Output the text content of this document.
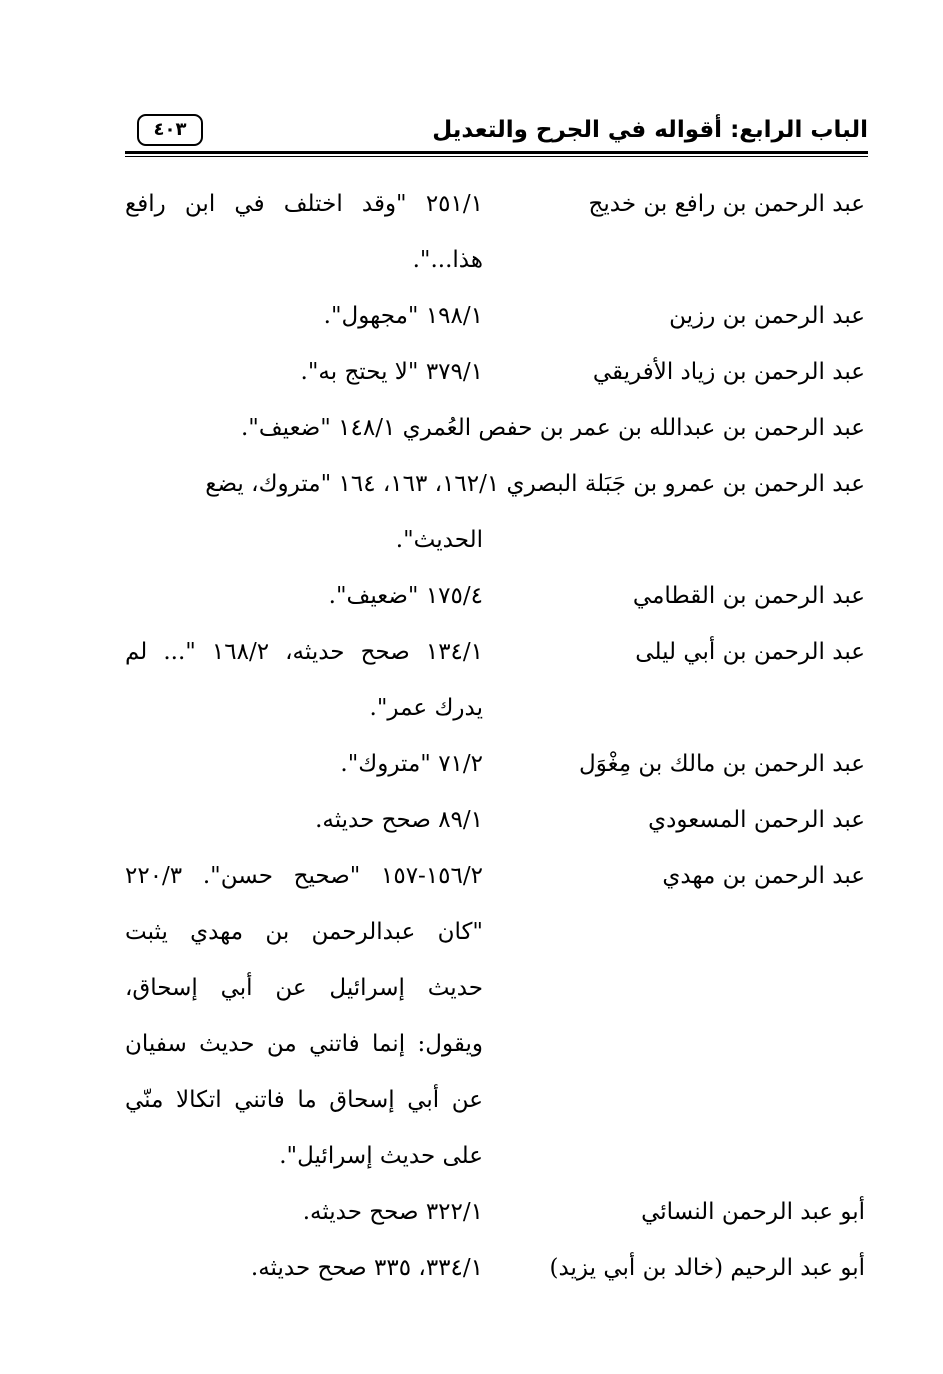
الباب الرابع: أقواله في الجرح والتعديل
٤٠٣
عبد الرحمن بن رافع بن خديج
٢٥١/١ "وقد اختلف في ابن رافع هذا...".
عبد الرحمن بن رزين
١٩٨/١ "مجهول".
عبد الرحمن بن زياد الأفريقي
٣٧٩/١ "لا يحتج به".
عبد الرحمن بن عبدالله بن عمر بن حفص العُمري ١٤٨/١ "ضعيف".
عبد الرحمن بن عمرو بن جَبَلة البصري ١٦٢/١، ١٦٣، ١٦٤ "متروك، يضع
الحديث".
عبد الرحمن بن القطامي
١٧٥/٤ "ضعيف".
عبد الرحمن بن أبي ليلى
١٣٤/١ صحح حديثه، ١٦٨/٢ "... لم يدرك عمر".
عبد الرحمن بن مالك بن مِغْوَل
٧١/٢ "متروك".
عبد الرحمن المسعودي
٨٩/١ صحح حديثه.
عبد الرحمن بن مهدي
١٥٦/٢-١٥٧ "صحيح حسن". ٢٢٠/٣ "كان عبدالرحمن بن مهدي يثبت حديث إسرائيل عن أبي إسحاق، ويقول: إنما فاتني من حديث سفيان عن أبي إسحاق ما فاتني اتكالا منّي على حديث إسرائيل".
أبو عبد الرحمن النسائي
٣٢٢/١ صحح حديثه.
أبو عبد الرحيم (خالد بن أبي يزيد)
٣٣٤/١، ٣٣٥ صحح حديثه.
